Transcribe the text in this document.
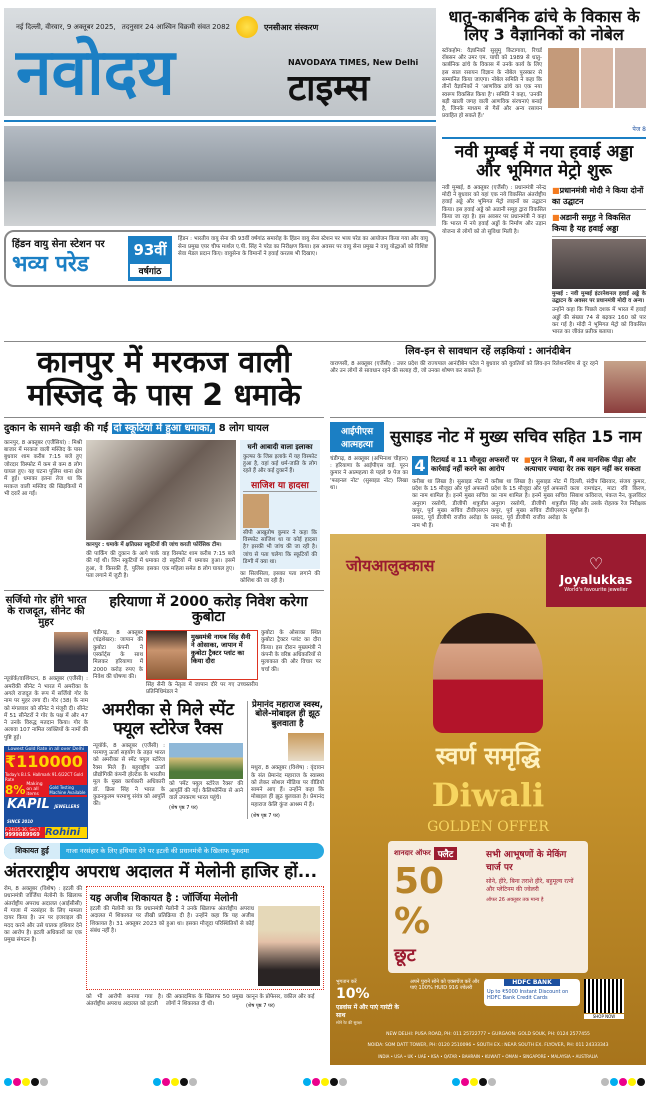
नई दिल्ली, वीरवार, 9 अक्तूबर 2025, तदनुसार 24 आश्विन विक्रमी संवत 2082	एनसीआर संस्करण
नवोदय	NAVODAYA TIMES, New Delhi
टाइम्स
हिंडन वायु सेना स्टेशन पर
भव्य परेड
93वीं
वर्षगांठ
हिंडन : भारतीय वायु सेना की 93वीं वर्षगांठ समारोह के हिंडन वायु सेना स्टेशन पर भव्य परेड का आयोजन किया गया और वायु सेना प्रमुख एयर चीफ मार्शल ए.पी. सिंह ने परेड का निरीक्षण किया। इस अवसर पर वायु सेना प्रमुख ने वायु योद्धाओं को विशिष्ट सेवा मेडल प्रदान किए। वायुसेना के विमानों ने हवाई करतब भी दिखाए।
धातु-कार्बनिक ढांचे के विकास के लिए 3 वैज्ञानिकों को नोबेल
स्टॉकहोम: वैज्ञानिकों सुसुमु किटागावा, रिचर्ड रॉबसन और उमर एम. याघी को 1989 से धातु-कार्बनिक ढांचे के विकास में उनके कार्य के लिए इस साल रसायन विज्ञान के नोबेल पुरस्कार से सम्मानित किया जाएगा। नोबेल समिति ने कहा कि तीनों वैज्ञानिकों ने 'आणविक ढांचे का एक नया स्वरूप विकसित किया है'। समिति ने कहा, 'उनकी बड़ी खाली जगह वाली आणविक संरचनाएं बनाई है, जिनके माध्यम से गैसें और अन्य रसायन प्रवाहित हो सकते हैं।'
पेज 8
नवी मुम्बई में नया हवाई अड्डा और भूमिगत मेट्रो शुरू
नवी मुम्बई, 8 अक्तूबर (एजैंसी) : प्रधानमंत्री नरेन्द्र मोदी ने बुधवार को यहां एक नये विकसित अंतर्राष्ट्रीय हवाई अड्डे और भूमिगत मेट्रो लाइनों का उद्घाटन किया। इस हवाई अड्डे को अडानी समूह द्वारा विकसित किया जा रहा है। इस अवसर पर प्रधानमंत्री ने कहा कि भारत में नये हवाई अड्डों के निर्माण और उड़ान योजना से लोगों को तो सुविधा मिली है।
■प्रधानमंत्री मोदी ने किया दोनों का उद्घाटन
■अडानी समूह ने विकसित किया है यह हवाई अड्डा
मुम्बई : नवी मुम्बई इंटरनेशनल हवाई अड्डे के उद्घाटन के अवसर पर प्रधानमंत्री मोदी व अन्य।
उन्होंने कहा कि पिछले दशक में भारत में हवाई अड्डों की संख्या 74 से बढ़कर 160 को पार कर गई है। मोदी ने भूमिगत मेट्रो को विकसित भारत का जीवंत प्रतीक बताया।
कानपुर में मरकज वाली मस्जिद के पास 2 धमाके
दुकान के सामने खड़ी की गईं दो स्कूटियों में हुआ धमाका, 8 लोग घायल
कानपुर, 8 अक्तूबर (एजैंसियां) : मिश्री बाजार में मरकज वाली मस्जिद के पास बुधवार शाम करीब 7:15 बजे हुए जोरदार विस्फोट में कम से कम 8 लोग घायल हुए। यह घटना पुलिस थाना क्षेत्र में हुई। धमाका इतना तेज था कि मरकज वाली मस्जिद की खिड़कियों में भी दरारें आ गईं।
कानपुर : धमाके में क्षतिग्रस्त स्कूटियों की जांच करती फोरेंसिक टीम।
की पार्किंग की दुकान के आगे पार्क की गई थी। जिन स्कूटियों में धमाका हुआ, वे किसकी हैं, पुलिस इसका पता लगाने में जुटी है।
वाह विस्फोट शाम करीब 7:15 बजे दो स्कूटियों में धमाका हुआ। इसमें एक महिला समेत 8 लोग घायल हुए।
घनी आबादी वाला इलाका
कुल्फा के जिस इलाके में यह विस्फोट हुआ है, वहां कई धर्म-जाति के लोग रहते हैं और कई दुकानें हैं।
साजिश या हादसा
सीपी आखुतोष कुमार ने कहा कि विस्फोट साजिश था या कोई हादसा है? इसकी भी जांच की जा रही है। जांच से पता चलेगा कि स्कूटियों की डिग्गी में क्या था।
का सिलसिला, इसका पता लगाने की कोशिश की जा रही है।
सर्जियो गोर होंगे भारत के राजदूत, सीनेट की मुहर
न्यूयॉर्क/वाशिंगटन, 8 अक्तूबर (एजैंसी) : अमरीकी सीनेट ने भारत में अमरीका के अगले राजदूत के रूप में सर्जियो गोर के नाम पर मुहर लगा दी। गोर (38) के नाम को मंगलवार को सीनेट ने मंजूरी दी। सीनेट में 51 सीनेटरों ने गोर के पक्ष में और 47 ने उनके विरुद्ध मतदान किया। गोर के अलावा 107 नामित व्यक्तियों के नामों की पुष्टि हुई।
Lowest Gold Rate in all over Delhi
₹110000
Today's B.I.S. Hallmark 91.6/22CT Gold Rate
8% Making on all items
Gold Testing Machine Available
KAPIL JEWELLERS SINCE 2010
F-24/35-36, Sec-7
9999889969 Rohini
हरियाणा में 2000 करोड़ निवेश करेगा कुबोटा
चंडीगढ़, 8 अक्तूबर (चंद्रशेखर): जापान की कुबोटा कंपनी ने एस्कॉर्ट्स के साथ मिलकर हरियाणा में 2000 करोड़ रुपए के निवेश की घोषणा की।
मुख्यमंत्री नायब सिंह सैनी ने ओसाका, जापान में कुबोटा ट्रैक्टर प्लांट का किया दौरा
सिंह सैनी के नेतृत्व में जापान दौरे पर गए उच्चस्तरीय प्रतिनिधिमंडल ने
कुबोटा के ओसाका स्थित कुबोटा ट्रैक्टर प्लांट का दौरा किया। इस दौरान मुख्यमंत्री ने कंपनी के वरिष्ठ अधिकारियों से मुलाकात की और विचार पर चर्चा की।
अमरीका से मिले स्पेंट फ्यूल स्टोरेज रैक्स
न्यूयॉर्क, 8 अक्तूबर (एजैंसी) : परमाणु ऊर्जा सहयोग के तहत भारत को अमरीका से स्पेंट फ्यूल स्टोरेज रैक्स मिले हैं। बहुराष्ट्रीय ऊर्जा प्रौद्योगिकी कंपनी होल्टेक के भारतीय मूल के मुख्य कार्यकारी अधिकारी डॉ. क्रिस सिंह ने भारत के कुडनकुलम परमाणु संयंत्र को आपूर्ति की।
को 'स्पेंट फ्यूल स्टोरेज रैक्स' की आपूर्ति की गई। कैलिफोर्निया से आने वाले उपकरण भारत पहुंचे।
(शेष पृष्ठ 7 पर)
प्रेमानंद महाराज स्वस्थ, बोले-मोबाइल ही झूठ बुलवाता है
मथुरा, 8 अक्तूबर (विशेष) : वृंदावन के संत प्रेमानंद महाराज के स्वास्थ्य को लेकर सोशल मीडिया पर वीडियो सामने आए हैं। उन्होंने कहा कि मोबाइल ही झूठ बुलवाता है। प्रेमानंद महाराज केलि कुंज आश्रम में हैं।
(शेष पृष्ठ 7 पर)
शिकायत हुई	गाजा नरसंहार के लिए हथियार देने पर इटली की प्रधानमंत्री के खिलाफ मुकदमा
अंतरराष्ट्रीय अपराध अदालत में मेलोनी हाजिर हों...
रोम, 8 अक्तूबर (विशेष) : इटली की प्रधानमंत्री जॉर्जिया मेलोनी के खिलाफ अंतर्राष्ट्रीय अपराध अदालत (आईसीसी) में गाजा में नरसंहार के लिए मामला दायर किया है। उन पर इजराइल की मदद करने और उसे घातक हथियार देने का आरोप है। इटली अधिकारों का एक प्रमुख संगठन है।
यह अजीब शिकायत है : जॉर्जिया मेलोनी
इटली की मेलोनी का कि प्रधानमंत्री मेलोनी ने उनके खिलाफ अंतर्राष्ट्रीय अपराध अदालत में शिकायत पर तीखी प्रतिक्रिया दी है। उन्होंने कहा कि यह अजीब शिकायत है। 31 अक्तूबर 2023 को हुआ था। इसका मौजूदा परिस्थितियों से कोई संबंध नहीं है।
को भी आरोपी बनाया गया है। अंतर्राष्ट्रीय अपराध अदालत को इटली
की अकादमिक के खिलाफ 50 प्रमुख लोगों ने शिकायत दी थी।
कानून के प्रोफेसर, वकील और कई
(शेष पृष्ठ 7 पर)
लिव-इन से सावधान रहें लड़कियां : आनंदीबेन
वाराणसी, 8 अक्तूबर (एजैंसी) : उत्तर प्रदेश की राज्यपाल आनंदीबेन पटेल ने बुधवार को युवतियों को लिव-इन रिलेशनशिप से दूर रहने और उन लोगों से सावधान रहने की सलाह दी, जो उनका शोषण कर सकते हैं।
आईपीएस आत्महत्या	सुसाइड नोट में मुख्य सचिव सहित 15 नाम
चंडीगढ़, 8 अक्तूबर (अभिनाश चौहान) : हरियाणा के आईपीएस वाई. पूरन कुमार ने आत्महत्या से पहले 9 पेज का 'फाइनल नोट' (सुसाइड नोट) लिखा था।
4 रिटायर्ड व 11 मौजूदा अफसरों पर कार्रवाई नहीं करने का आरोप
■पूरन ने लिखा, मैं अब मानसिक पीड़ा और अत्याचार ज्यादा देर तक सहन नहीं कर सकता
करीबा था लिखा है। सुसाइड नोट में प्रदेश के 15 मौजूदा और पूर्व अफसरों का नाम शामिल है। इनमें मुख्य सचिव अनुराग रस्तोगी, डीजीपी शत्रुजीत कपूर, पूर्व मुख्य सचिव टीवीएसएन प्रसाद, पूर्व डीजीपी राजीव अरोड़ा के नाम भी हैं।
करीबा था लिखा है। सुसाइड नोट में प्रदेश के 15 मौजूदा और पूर्व अफसरों का नाम शामिल है। इनमें मुख्य सचिव अनुराग रस्तोगी, डीजीपी शत्रुजीत कपूर, पूर्व मुख्य सचिव टीवीएसएन प्रसाद, पूर्व डीजीपी राजीव अरोड़ा के नाम भी हैं।
दिल्ली, संदीप खिरवार, संजय कुमार, कला रामचंद्रन, माटा रवि किरण, सिबाश कविराज, पंकज नैन, कुलविंदर सिंह और उसके रोहतक रेंज निरीक्षक सुशील हैं।
जोयआलुक्कास	♡
Joyalukkas
World's favourite jeweller
स्वर्ण समृद्धि
Diwali
GOLDEN OFFER
शानदार ऑफर फ्लैट
50%
छूट
सभी आभूषणों के मेकिंग चार्ज पर
सोने, हीरे, बिना तराशे हीरे, बहुमूल्य रत्नों और प्लेटिनम की ज्वेलरी
ऑफर 26 अक्तूबर तक मान्य है
भुगतान करें
10%
एडवांस में और पाएं गारंटी के साथ
सोने रेट की सुरक्षा
अपने पुराने सोने को एक्सचेंज करें और पाएं 100% HUID 916 ज्वेलरी
HDFC BANK
Up to ₹5000 Instant Discount on HDFC Bank Credit Cards
SHOP NOW
NEW DELHI: PUSA ROAD, PH: 011 25722777 • GURGAON: GOLD SOUK, PH: 0124 2577455
NOIDA: SOM DATT TOWER, PH: 0120 2510096 • SOUTH EX.: NEAR SOUTH EX. FLYOVER, PH: 011 24333343
INDIA • USA • UK • UAE • KSA • QATAR • BAHRAIN • KUWAIT • OMAN • SINGAPORE • MALAYSIA • AUSTRALIA
